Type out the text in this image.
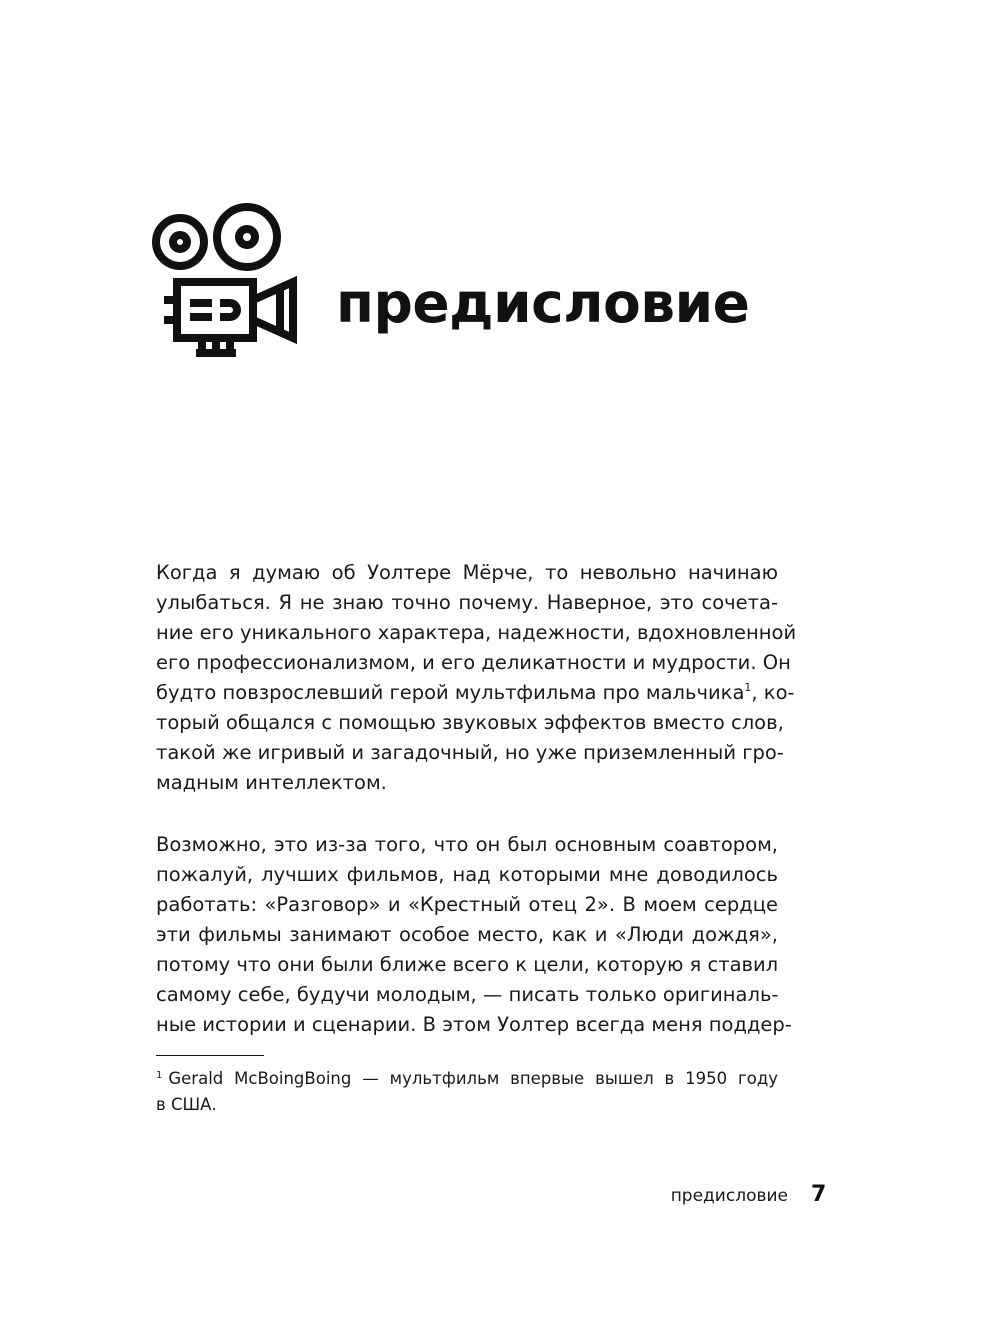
предисловие

Когда я думаю об Уолтере Мёрче, то невольно начинаю

улыбаться. Я не знаю точно почему. Наверное, это сочета-

ние его уникального характера, надежности, вдохновленной

его профессионализмом, и его деликатности и мудрости. Он

будто повзрослевший герой мультфильма про мальчика$^1$, ко-

торый общался с помощью звуковых эффектов вместо слов,

такой же игривый и загадочный, но уже приземленный гро-

мадным интеллектом.

Возможно, это из-за того, что он был основным соавтором,

пожалуй, лучших фильмов, над которыми мне доводилось

работать: «Разговор» и «Крестный отец 2». В моем сердце

эти фильмы занимают особое место, как и «Люди дождя»,

потому что они были ближе всего к цели, которую я ставил

самому себе, будучи молодым, — писать только оригиналь-

ные истории и сценарии. В этом Уолтер всегда меня поддер-

$^1$ Gerald McBoingBoing — мультфильм впервые вышел в 1950 году

в США.

предисловие 7
